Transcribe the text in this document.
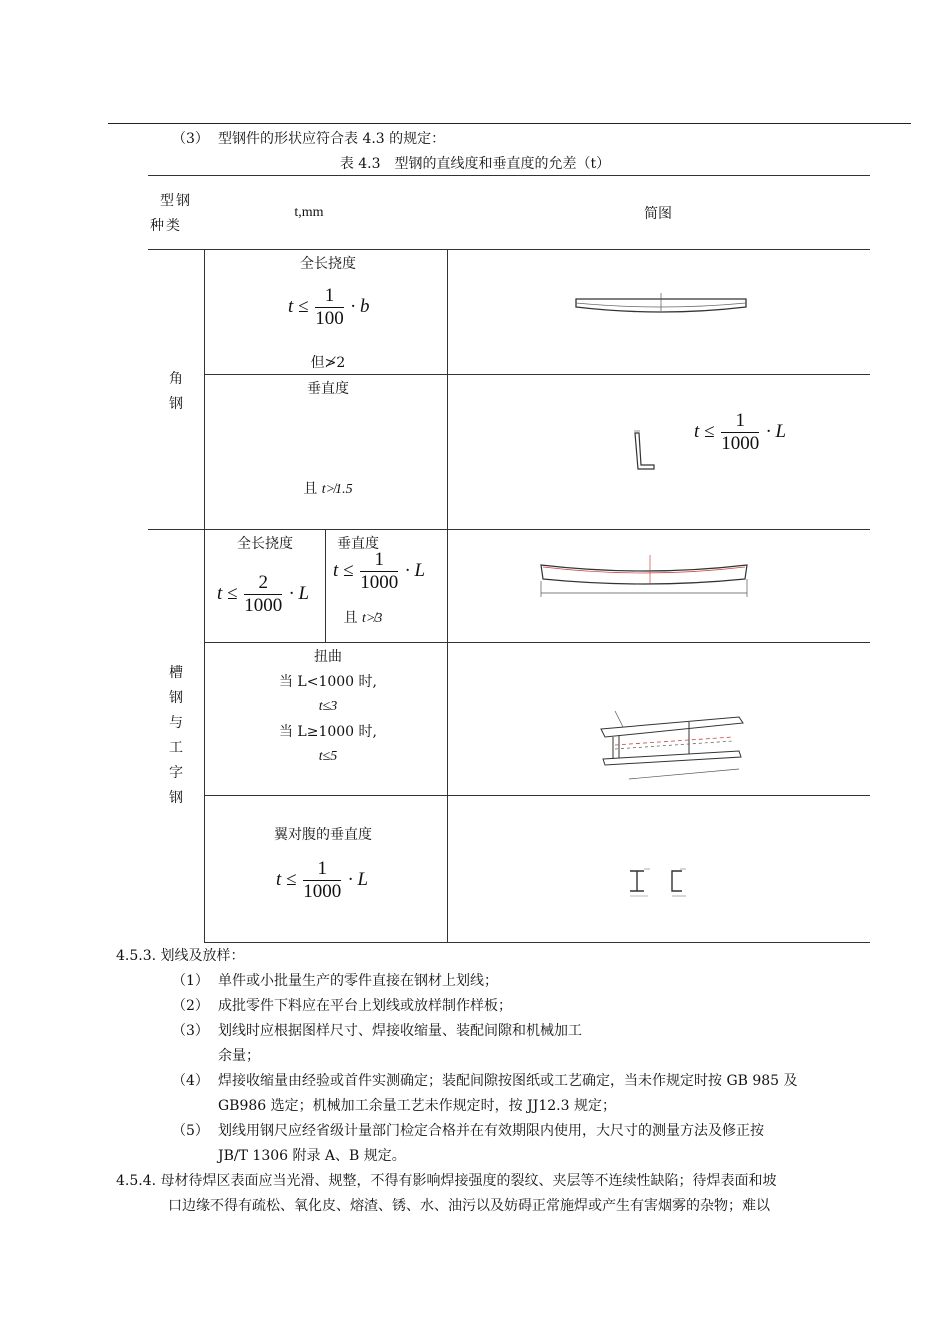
（3） 型钢件的形状应符合表 4.3 的规定：
表 4.3　型钢的直线度和垂直度的允差（t）
型钢
种类
t,mm	简图
角
钢
全长挠度
$t \le \frac{1}{100} \cdot b$
但≯2
垂直度
且 t≯1.5
$t \le \frac{1}{1000} \cdot L$
槽
钢
与
工
字
钢
全长挠度
$t \le \frac{2}{1000} \cdot L$
垂直度
$t \le \frac{1}{1000} \cdot L$
且 t≯3
扭曲
当 L<1000 时,
t≤3
当 L≥1000 时,
t≤5
翼对腹的垂直度
$t \le \frac{1}{1000} \cdot L$
4.5.3. 划线及放样：
（1） 单件或小批量生产的零件直接在钢材上划线；
（2） 成批零件下料应在平台上划线或放样制作样板；
（3） 划线时应根据图样尺寸、焊接收缩量、装配间隙和机械加工
余量；
（4） 焊接收缩量由经验或首件实测确定；装配间隙按图纸或工艺确定，当未作规定时按 GB 985 及
GB986 选定；机械加工余量工艺未作规定时，按 JJ12.3 规定；
（5） 划线用钢尺应经省级计量部门检定合格并在有效期限内使用，大尺寸的测量方法及修正按
JB/T 1306 附录 A、B 规定。
4.5.4. 母材待焊区表面应当光滑、规整，不得有影响焊接强度的裂纹、夹层等不连续性缺陷；待焊表面和坡
口边缘不得有疏松、氧化皮、熔渣、锈、水、油污以及妨碍正常施焊或产生有害烟雾的杂物；难以
